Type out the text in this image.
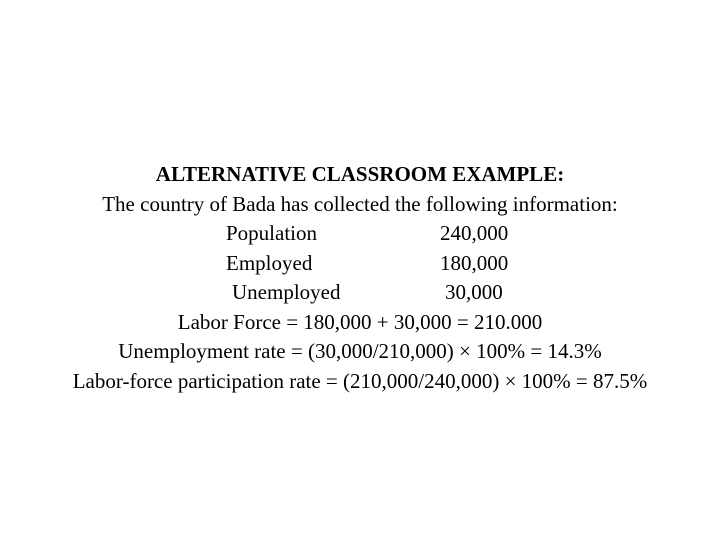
ALTERNATIVE CLASSROOM EXAMPLE:
The country of Bada has collected the following information:
Population	240,000
Employed	180,000
Unemployed	30,000
Labor Force = 180,000 + 30,000 = 210.000
Unemployment rate = (30,000/210,000) × 100% = 14.3%
Labor-force participation rate = (210,000/240,000) × 100% = 87.5%
